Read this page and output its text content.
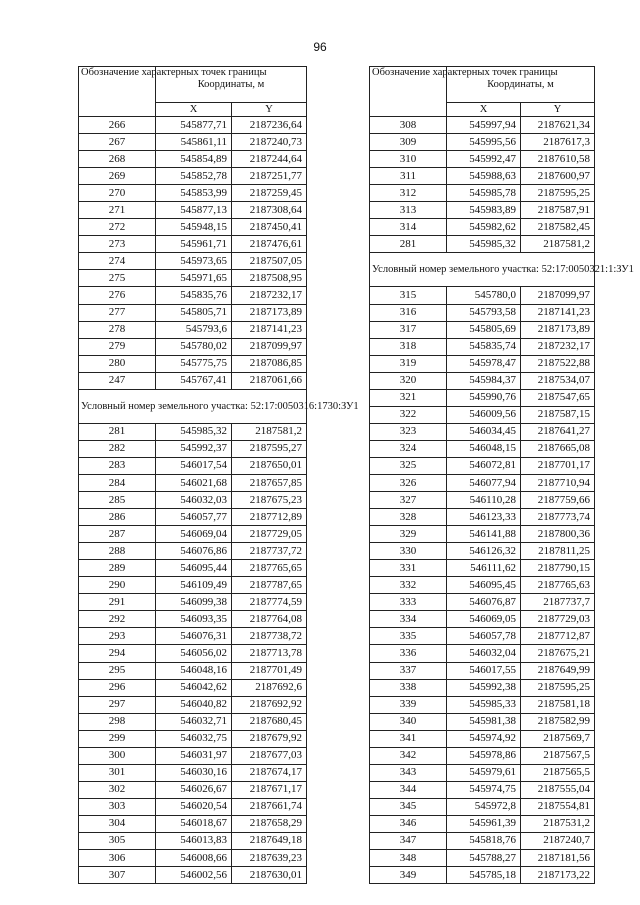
96
Обозначение характерных точек границы	Координаты, м	
	X	Y
266	545877,71	2187236,64
267	545861,11	2187240,73
268	545854,89	2187244,64
269	545852,78	2187251,77
270	545853,99	2187259,45
271	545877,13	2187308,64
272	545948,15	2187450,41
273	545961,71	2187476,61
274	545973,65	2187507,05
275	545971,65	2187508,95
276	545835,76	2187232,17
277	545805,71	2187173,89
278	545793,6	2187141,23
279	545780,02	2187099,97
280	545775,75	2187086,85
247	545767,41	2187061,66
Условный номер земельного участка: 52:17:0050316:1730:ЗУ1		
281	545985,32	2187581,2
282	545992,37	2187595,27
283	546017,54	2187650,01
284	546021,68	2187657,85
285	546032,03	2187675,23
286	546057,77	2187712,89
287	546069,04	2187729,05
288	546076,86	2187737,72
289	546095,44	2187765,65
290	546109,49	2187787,65
291	546099,38	2187774,59
292	546093,35	2187764,08
293	546076,31	2187738,72
294	546056,02	2187713,78
295	546048,16	2187701,49
296	546042,62	2187692,6
297	546040,82	2187692,92
298	546032,71	2187680,45
299	546032,75	2187679,92
300	546031,97	2187677,03
301	546030,16	2187674,17
302	546026,67	2187671,17
303	546020,54	2187661,74
304	546018,67	2187658,29
305	546013,83	2187649,18
306	546008,66	2187639,23
307	546002,56	2187630,01
Обозначение характерных точек границы	Координаты, м	
	X	Y
308	545997,94	2187621,34
309	545995,56	2187617,3
310	545992,47	2187610,58
311	545988,63	2187600,97
312	545985,78	2187595,25
313	545983,89	2187587,91
314	545982,62	2187582,45
281	545985,32	2187581,2
Условный номер земельного участка: 52:17:0050321:1:ЗУ1		
315	545780,0	2187099,97
316	545793,58	2187141,23
317	545805,69	2187173,89
318	545835,74	2187232,17
319	545978,47	2187522,88
320	545984,37	2187534,07
321	545990,76	2187547,65
322	546009,56	2187587,15
323	546034,45	2187641,27
324	546048,15	2187665,08
325	546072,81	2187701,17
326	546077,94	2187710,94
327	546110,28	2187759,66
328	546123,33	2187773,74
329	546141,88	2187800,36
330	546126,32	2187811,25
331	546111,62	2187790,15
332	546095,45	2187765,63
333	546076,87	2187737,7
334	546069,05	2187729,03
335	546057,78	2187712,87
336	546032,04	2187675,21
337	546017,55	2187649,99
338	545992,38	2187595,25
339	545985,33	2187581,18
340	545981,38	2187582,99
341	545974,92	2187569,7
342	545978,86	2187567,5
343	545979,61	2187565,5
344	545974,75	2187555,04
345	545972,8	2187554,81
346	545961,39	2187531,2
347	545818,76	2187240,7
348	545788,27	2187181,56
349	545785,18	2187173,22
